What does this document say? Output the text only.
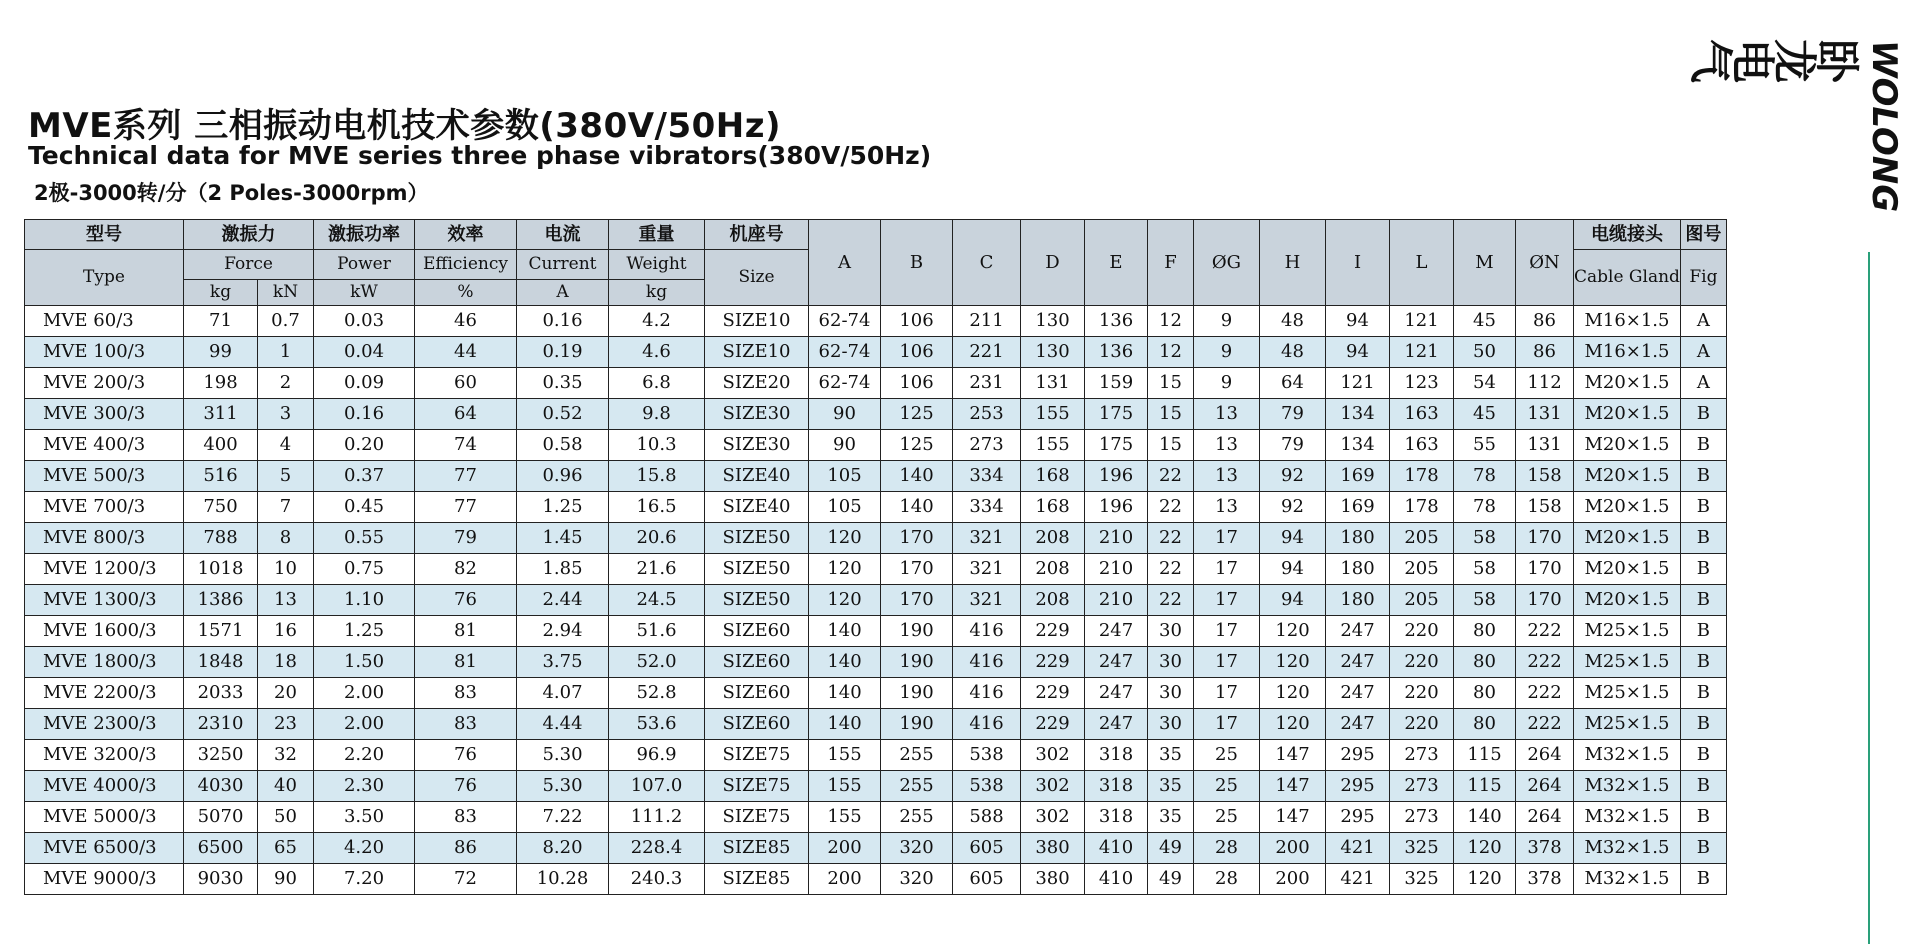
MVE系列 三相振动电机技术参数(380V/50Hz)
Technical data for MVE series three phase vibrators(380V/50Hz)
2极-3000转/分（2 Poles-3000rpm）	WOLONG
卧龙电气
型号	激振力		激振功率	效率	电流	重量	机座号	A	B	C	D	E	F	ØG	H	I	L	M	ØN	电缆接头	图号
Type	Force		Power	Efficiency	Current	Weight	Size													Cable Gland	Fig
	kg	kN	kW	%	A	kg															
MVE 60/3	71	0.7	0.03	46	0.16	4.2	SIZE10	62-74	106	211	130	136	12	9	48	94	121	45	86	M16×1.5	A
MVE 100/3	99	1	0.04	44	0.19	4.6	SIZE10	62-74	106	221	130	136	12	9	48	94	121	50	86	M16×1.5	A
MVE 200/3	198	2	0.09	60	0.35	6.8	SIZE20	62-74	106	231	131	159	15	9	64	121	123	54	112	M20×1.5	A
MVE 300/3	311	3	0.16	64	0.52	9.8	SIZE30	90	125	253	155	175	15	13	79	134	163	45	131	M20×1.5	B
MVE 400/3	400	4	0.20	74	0.58	10.3	SIZE30	90	125	273	155	175	15	13	79	134	163	55	131	M20×1.5	B
MVE 500/3	516	5	0.37	77	0.96	15.8	SIZE40	105	140	334	168	196	22	13	92	169	178	78	158	M20×1.5	B
MVE 700/3	750	7	0.45	77	1.25	16.5	SIZE40	105	140	334	168	196	22	13	92	169	178	78	158	M20×1.5	B
MVE 800/3	788	8	0.55	79	1.45	20.6	SIZE50	120	170	321	208	210	22	17	94	180	205	58	170	M20×1.5	B
MVE 1200/3	1018	10	0.75	82	1.85	21.6	SIZE50	120	170	321	208	210	22	17	94	180	205	58	170	M20×1.5	B
MVE 1300/3	1386	13	1.10	76	2.44	24.5	SIZE50	120	170	321	208	210	22	17	94	180	205	58	170	M20×1.5	B
MVE 1600/3	1571	16	1.25	81	2.94	51.6	SIZE60	140	190	416	229	247	30	17	120	247	220	80	222	M25×1.5	B
MVE 1800/3	1848	18	1.50	81	3.75	52.0	SIZE60	140	190	416	229	247	30	17	120	247	220	80	222	M25×1.5	B
MVE 2200/3	2033	20	2.00	83	4.07	52.8	SIZE60	140	190	416	229	247	30	17	120	247	220	80	222	M25×1.5	B
MVE 2300/3	2310	23	2.00	83	4.44	53.6	SIZE60	140	190	416	229	247	30	17	120	247	220	80	222	M25×1.5	B
MVE 3200/3	3250	32	2.20	76	5.30	96.9	SIZE75	155	255	538	302	318	35	25	147	295	273	115	264	M32×1.5	B
MVE 4000/3	4030	40	2.30	76	5.30	107.0	SIZE75	155	255	538	302	318	35	25	147	295	273	115	264	M32×1.5	B
MVE 5000/3	5070	50	3.50	83	7.22	111.2	SIZE75	155	255	588	302	318	35	25	147	295	273	140	264	M32×1.5	B
MVE 6500/3	6500	65	4.20	86	8.20	228.4	SIZE85	200	320	605	380	410	49	28	200	421	325	120	378	M32×1.5	B
MVE 9000/3	9030	90	7.20	72	10.28	240.3	SIZE85	200	320	605	380	410	49	28	200	421	325	120	378	M32×1.5	B
